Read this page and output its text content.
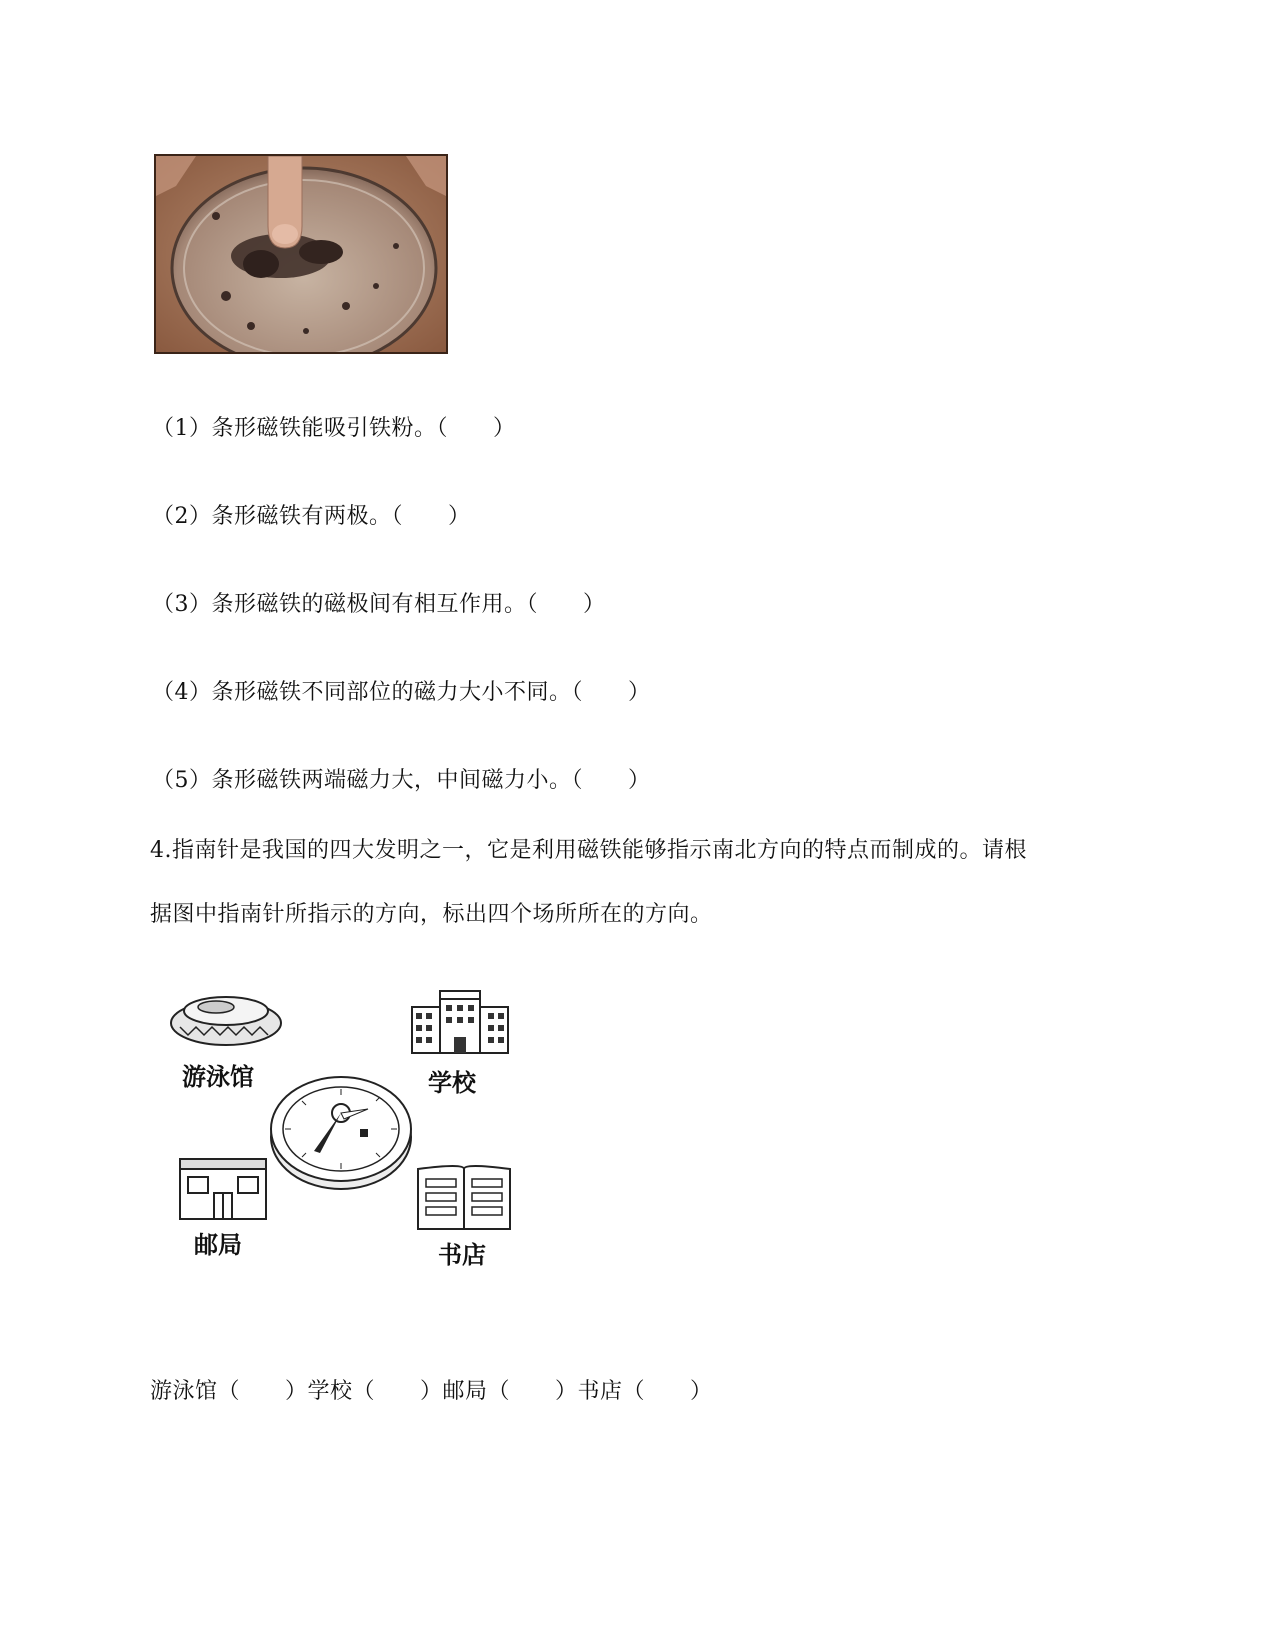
（1）条形磁铁能吸引铁粉。（　　）
（2）条形磁铁有两极。（　　）
（3）条形磁铁的磁极间有相互作用。（　　）
（4）条形磁铁不同部位的磁力大小不同。（　　）
（5）条形磁铁两端磁力大，中间磁力小。（　　）
4.指南针是我国的四大发明之一，它是利用磁铁能够指示南北方向的特点而制成的。请根
据图中指南针所指示的方向，标出四个场所所在的方向。
游泳馆	学校
邮局	书店
游泳馆（　　）学校（　　）邮局（　　）书店（　　）
